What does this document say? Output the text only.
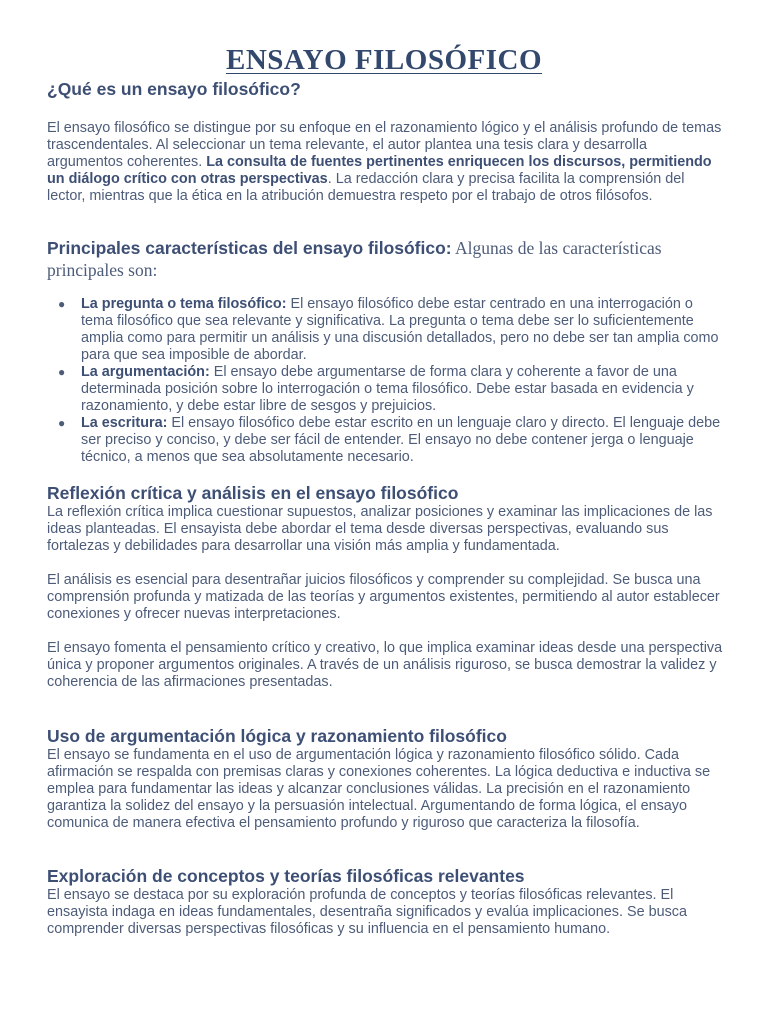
ENSAYO FILOSÓFICO
¿Qué es un ensayo filosófico?

El ensayo filosófico se distingue por su enfoque en el razonamiento lógico y el análisis profundo de temas trascendentales. Al seleccionar un tema relevante, el autor plantea una tesis clara y desarrolla argumentos coherentes. La consulta de fuentes pertinentes enriquecen los discursos, permitiendo un diálogo crítico con otras perspectivas. La redacción clara y precisa facilita la comprensión del lector, mientras que la ética en la atribución demuestra respeto por el trabajo de otros filósofos.

Principales características del ensayo filosófico: Algunas de las características principales son:
● La pregunta o tema filosófico: El ensayo filosófico debe estar centrado en una interrogación o tema filosófico que sea relevante y significativa. La pregunta o tema debe ser lo suficientemente amplia como para permitir un análisis y una discusión detallados, pero no debe ser tan amplia como para que sea imposible de abordar.
● La argumentación: El ensayo debe argumentarse de forma clara y coherente a favor de una determinada posición sobre lo interrogación o tema filosófico. Debe estar basada en evidencia y razonamiento, y debe estar libre de sesgos y prejuicios.
● La escritura: El ensayo filosófico debe estar escrito en un lenguaje claro y directo. El lenguaje debe ser preciso y conciso, y debe ser fácil de entender. El ensayo no debe contener jerga o lenguaje técnico, a menos que sea absolutamente necesario.
Reflexión crítica y análisis en el ensayo filosófico

La reflexión crítica implica cuestionar supuestos, analizar posiciones y examinar las implicaciones de las ideas planteadas. El ensayista debe abordar el tema desde diversas perspectivas, evaluando sus fortalezas y debilidades para desarrollar una visión más amplia y fundamentada.

El análisis es esencial para desentrañar juicios filosóficos y comprender su complejidad. Se busca una comprensión profunda y matizada de las teorías y argumentos existentes, permitiendo al autor establecer conexiones y ofrecer nuevas interpretaciones.

El ensayo fomenta el pensamiento crítico y creativo, lo que implica examinar ideas desde una perspectiva única y proponer argumentos originales. A través de un análisis riguroso, se busca demostrar la validez y coherencia de las afirmaciones presentadas.

Uso de argumentación lógica y razonamiento filosófico

El ensayo se fundamenta en el uso de argumentación lógica y razonamiento filosófico sólido. Cada afirmación se respalda con premisas claras y conexiones coherentes. La lógica deductiva e inductiva se emplea para fundamentar las ideas y alcanzar conclusiones válidas. La precisión en el razonamiento garantiza la solidez del ensayo y la persuasión intelectual. Argumentando de forma lógica, el ensayo comunica de manera efectiva el pensamiento profundo y riguroso que caracteriza la filosofía.

Exploración de conceptos y teorías filosóficas relevantes

El ensayo se destaca por su exploración profunda de conceptos y teorías filosóficas relevantes. El ensayista indaga en ideas fundamentales, desentraña significados y evalúa implicaciones. Se busca comprender diversas perspectivas filosóficas y su influencia en el pensamiento humano.
